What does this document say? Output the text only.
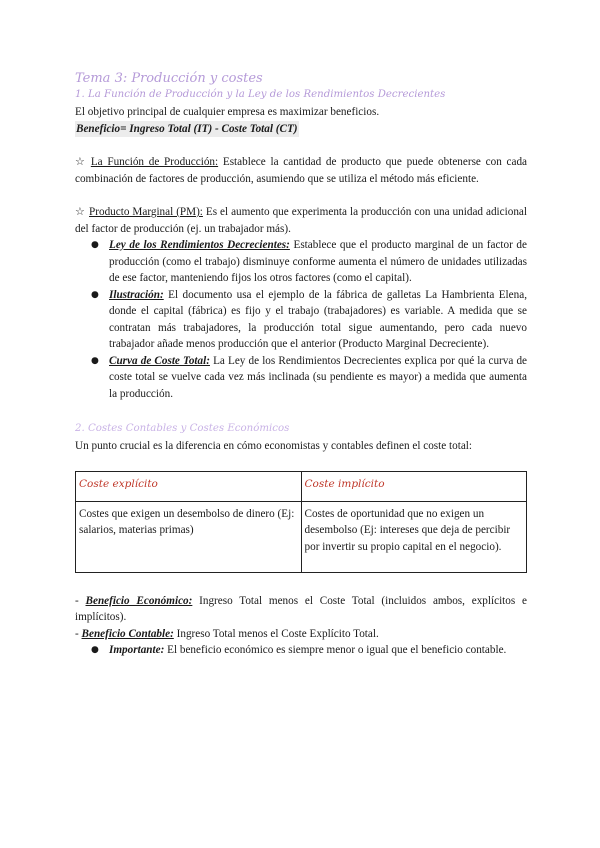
Tema 3: Producción y costes

1. La Función de Producción y la Ley de los Rendimientos Decrecientes

El objetivo principal de cualquier empresa es maximizar beneficios.

Beneficio= Ingreso Total (IT) - Coste Total (CT)

☆ La Función de Producción: Establece la cantidad de producto que puede obtenerse con cada combinación de factores de producción, asumiendo que se utiliza el método más eficiente.

☆ Producto Marginal (PM): Es el aumento que experimenta la producción con una unidad adicional del factor de producción (ej. un trabajador más).

● Ley de los Rendimientos Decrecientes: Establece que el producto marginal de un factor de producción (como el trabajo) disminuye conforme aumenta el número de unidades utilizadas de ese factor, manteniendo fijos los otros factores (como el capital).
● Ilustración: El documento usa el ejemplo de la fábrica de galletas La Hambrienta Elena, donde el capital (fábrica) es fijo y el trabajo (trabajadores) es variable. A medida que se contratan más trabajadores, la producción total sigue aumentando, pero cada nuevo trabajador añade menos producción que el anterior (Producto Marginal Decreciente).
● Curva de Coste Total: La Ley de los Rendimientos Decrecientes explica por qué la curva de coste total se vuelve cada vez más inclinada (su pendiente es mayor) a medida que aumenta la producción.

2. Costes Contables y Costes Económicos

Un punto crucial es la diferencia en cómo economistas y contables definen el coste total:

Coste explícito	Coste implícito
Costes que exigen un desembolso de dinero (Ej: salarios, materias primas)	Costes de oportunidad que no exigen un desembolso (Ej: intereses que deja de percibir por invertir su propio capital en el negocio).

- Beneficio Económico: Ingreso Total menos el Coste Total (incluidos ambos, explícitos e implícitos).

- Beneficio Contable: Ingreso Total menos el Coste Explícito Total.

● Importante: El beneficio económico es siempre menor o igual que el beneficio contable.
